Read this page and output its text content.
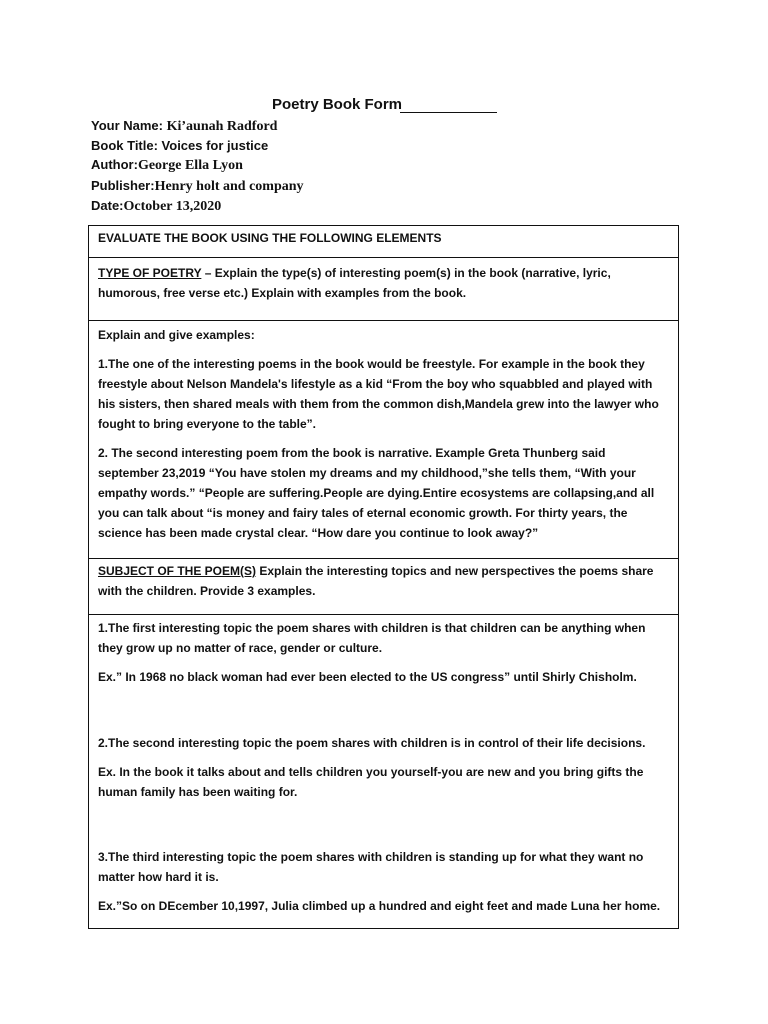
Poetry Book Form
Your Name: Ki’aunah Radford
Book Title: Voices for justice
Author:George Ella Lyon
Publisher:Henry holt and company
Date:October 13,2020
EVALUATE THE BOOK USING THE FOLLOWING ELEMENTS
TYPE OF POETRY – Explain the type(s) of interesting poem(s) in the book (narrative, lyric, humorous, free verse etc.) Explain with examples from the book.

Explain and give examples:

1.The one of the interesting poems in the book would be freestyle. For example in the book they freestyle about Nelson Mandela's lifestyle as a kid “From the boy who squabbled and played with his sisters, then shared meals with them from the common dish,Mandela grew into the lawyer who fought to bring everyone to the table”.

2. The second interesting poem from the book is narrative. Example Greta Thunberg said september 23,2019 “You have stolen my dreams and my childhood,”she tells them, “With your empathy words.” “People are suffering.People are dying.Entire ecosystems are collapsing,and all you can talk about “is money and fairy tales of eternal economic growth. For thirty years, the science has been made crystal clear. “How dare you continue to look away?”

SUBJECT OF THE POEM(S) Explain the interesting topics and new perspectives the poems share with the children. Provide 3 examples.

1.The first interesting topic the poem shares with children is that children can be anything when they grow up no matter of race, gender or culture.

Ex.” In 1968 no black woman had ever been elected to the US congress” until Shirly Chisholm.

2.The second interesting topic the poem shares with children is in control of their life decisions.

Ex. In the book it talks about and tells children you yourself-you are new and you bring gifts the human family has been waiting for.

3.The third interesting topic the poem shares with children is standing up for what they want no matter how hard it is.

Ex.”So on DEcember 10,1997, Julia climbed up a hundred and eight feet and made Luna her home.
